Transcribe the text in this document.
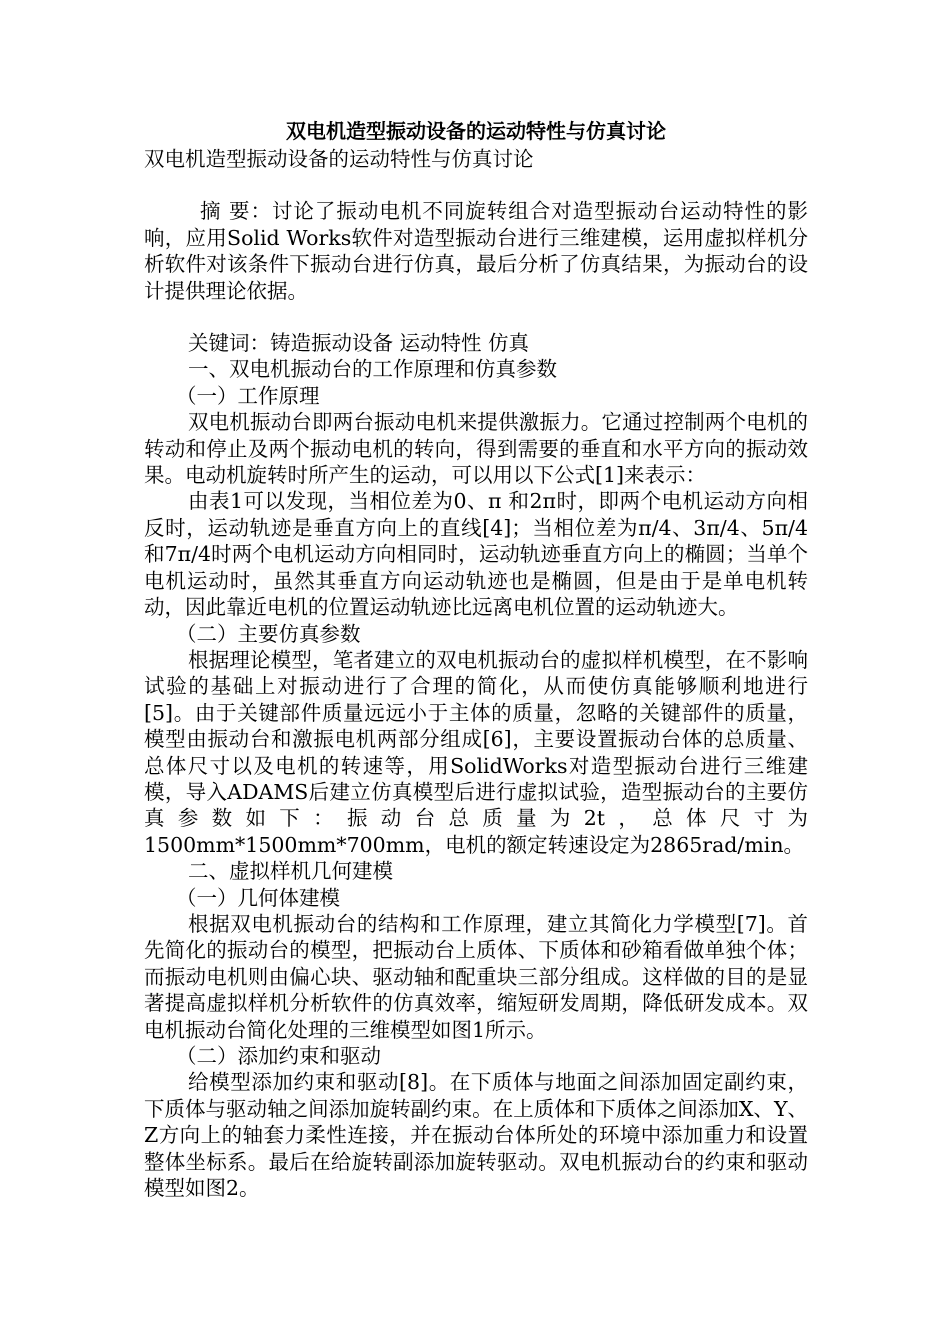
双电机造型振动设备的运动特性与仿真讨论

双电机造型振动设备的运动特性与仿真讨论

摘 要：讨论了振动电机不同旋转组合对造型振动台运动特性的影响，应用Solid Works软件对造型振动台进行三维建模，运用虚拟样机分析软件对该条件下振动台进行仿真，最后分析了仿真结果，为振动台的设计提供理论依据。

关键词：铸造振动设备 运动特性 仿真

一、双电机振动台的工作原理和仿真参数

（一）工作原理

双电机振动台即两台振动电机来提供激振力。它通过控制两个电机的转动和停止及两个振动电机的转向，得到需要的垂直和水平方向的振动效果。电动机旋转时所产生的运动，可以用以下公式[1]来表示：

由表1可以发现，当相位差为0、π 和2π时，即两个电机运动方向相反时，运动轨迹是垂直方向上的直线[4]；当相位差为π/4、3π/4、5π/4和7π/4时两个电机运动方向相同时，运动轨迹垂直方向上的椭圆；当单个电机运动时，虽然其垂直方向运动轨迹也是椭圆，但是由于是单电机转动，因此靠近电机的位置运动轨迹比远离电机位置的运动轨迹大。

（二）主要仿真参数

根据理论模型，笔者建立的双电机振动台的虚拟样机模型，在不影响试验的基础上对振动进行了合理的简化，从而使仿真能够顺利地进行[5]。由于关键部件质量远远小于主体的质量，忽略的关键部件的质量，模型由振动台和激振电机两部分组成[6]，主要设置振动台体的总质量、总体尺寸以及电机的转速等，用SolidWorks对造型振动台进行三维建模，导入ADAMS后建立仿真模型后进行虚拟试验，造型振动台的主要仿真参数如下：振动台总质量为2t，总体尺寸为1500mm*1500mm*700mm，电机的额定转速设定为2865rad/min。

二、虚拟样机几何建模

（一）几何体建模

根据双电机振动台的结构和工作原理，建立其简化力学模型[7]。首先简化的振动台的模型，把振动台上质体、下质体和砂箱看做单独个体；而振动电机则由偏心块、驱动轴和配重块三部分组成。这样做的目的是显著提高虚拟样机分析软件的仿真效率，缩短研发周期，降低研发成本。双电机振动台简化处理的三维模型如图1所示。

（二）添加约束和驱动

给模型添加约束和驱动[8]。在下质体与地面之间添加固定副约束，下质体与驱动轴之间添加旋转副约束。在上质体和下质体之间添加X、Y、Z方向上的轴套力柔性连接，并在振动台体所处的环境中添加重力和设置整体坐标系。最后在给旋转副添加旋转驱动。双电机振动台的约束和驱动模型如图2。
